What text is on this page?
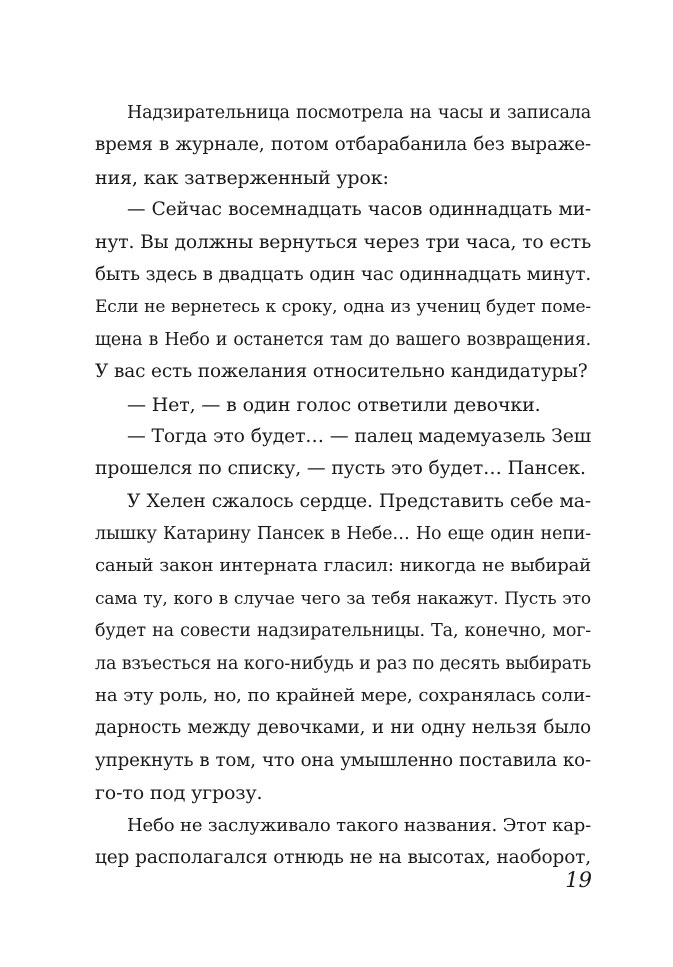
Надзирательница посмотрела на часы и записала
время в журнале, потом отбарабанила без выраже-
ния, как затверженный урок:
— Сейчас восемнадцать часов одиннадцать ми-
нут. Вы должны вернуться через три часа, то есть
быть здесь в двадцать один час одиннадцать минут.
Если не вернетесь к сроку, одна из учениц будет поме-
щена в Небо и останется там до вашего возвращения.
У вас есть пожелания относительно кандидатуры?
— Нет, — в один голос ответили девочки.
— Тогда это будет… — палец мадемуазель Зеш
прошелся по списку, — пусть это будет… Пансек.
У Хелен сжалось сердце. Представить себе ма-
лышку Катарину Пансек в Небе… Но еще один непи-
саный закон интерната гласил: никогда не выбирай
сама ту, кого в случае чего за тебя накажут. Пусть это
будет на совести надзирательницы. Та, конечно, мог-
ла взъесться на кого-нибудь и раз по десять выбирать
на эту роль, но, по крайней мере, сохранялась соли-
дарность между девочками, и ни одну нельзя было
упрекнуть в том, что она умышленно поставила ко-
го-то под угрозу.
Небо не заслуживало такого названия. Этот кар-
цер располагался отнюдь не на высотах, наоборот,
19
